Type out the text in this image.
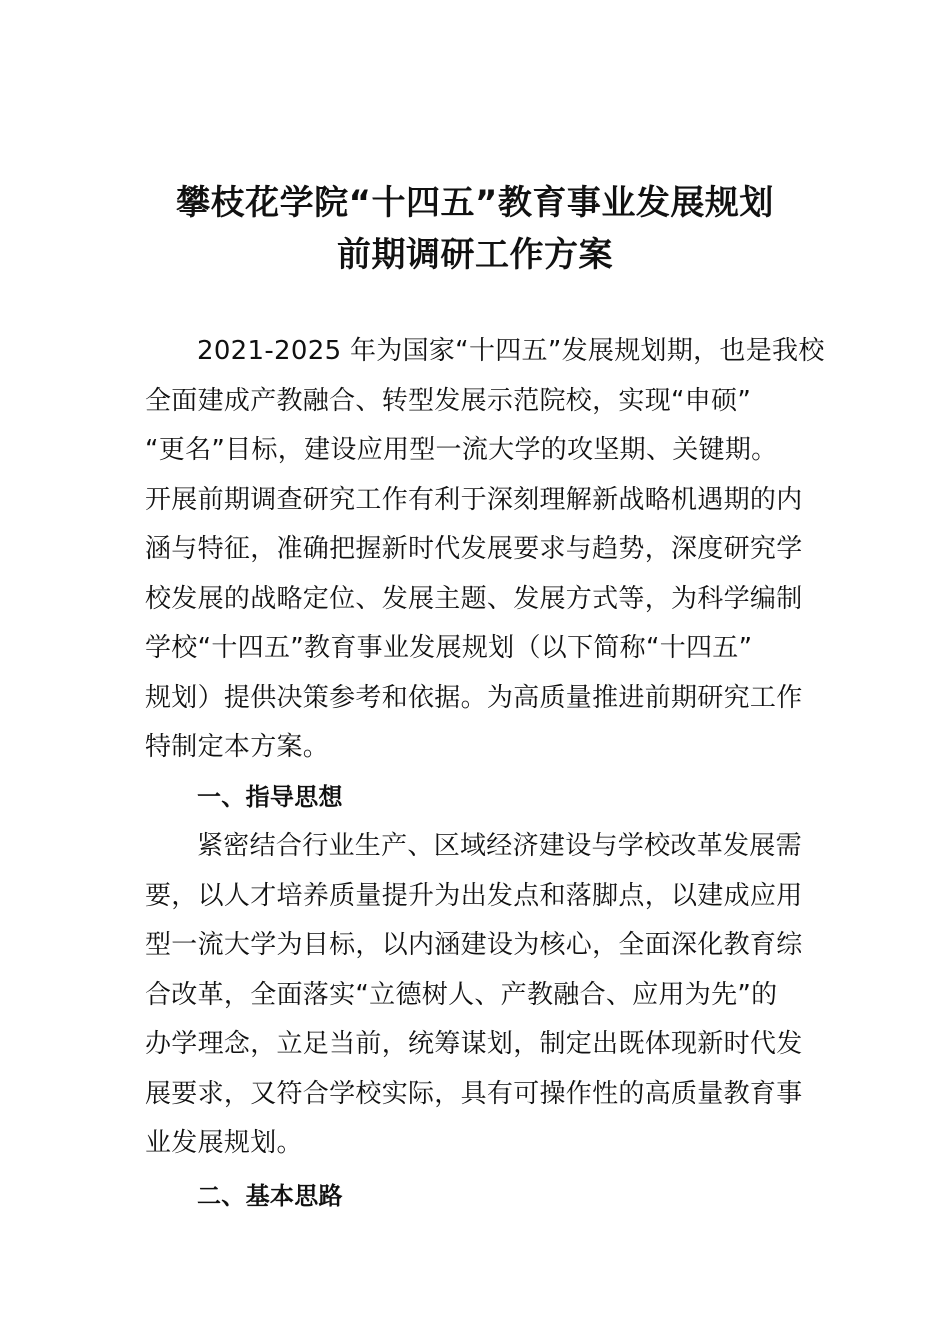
攀枝花学院“十四五”教育事业发展规划
前期调研工作方案
2021-2025 年为国家“十四五”发展规划期，也是我校
全面建成产教融合、转型发展示范院校，实现“申硕”
“更名”目标，建设应用型一流大学的攻坚期、关键期。
开展前期调查研究工作有利于深刻理解新战略机遇期的内
涵与特征，准确把握新时代发展要求与趋势，深度研究学
校发展的战略定位、发展主题、发展方式等，为科学编制
学校“十四五”教育事业发展规划（以下简称“十四五”
规划）提供决策参考和依据。为高质量推进前期研究工作
特制定本方案。
一、指导思想
紧密结合行业生产、区域经济建设与学校改革发展需
要，以人才培养质量提升为出发点和落脚点，以建成应用
型一流大学为目标，以内涵建设为核心，全面深化教育综
合改革，全面落实“立德树人、产教融合、应用为先”的
办学理念，立足当前，统筹谋划，制定出既体现新时代发
展要求，又符合学校实际，具有可操作性的高质量教育事
业发展规划。
二、基本思路
